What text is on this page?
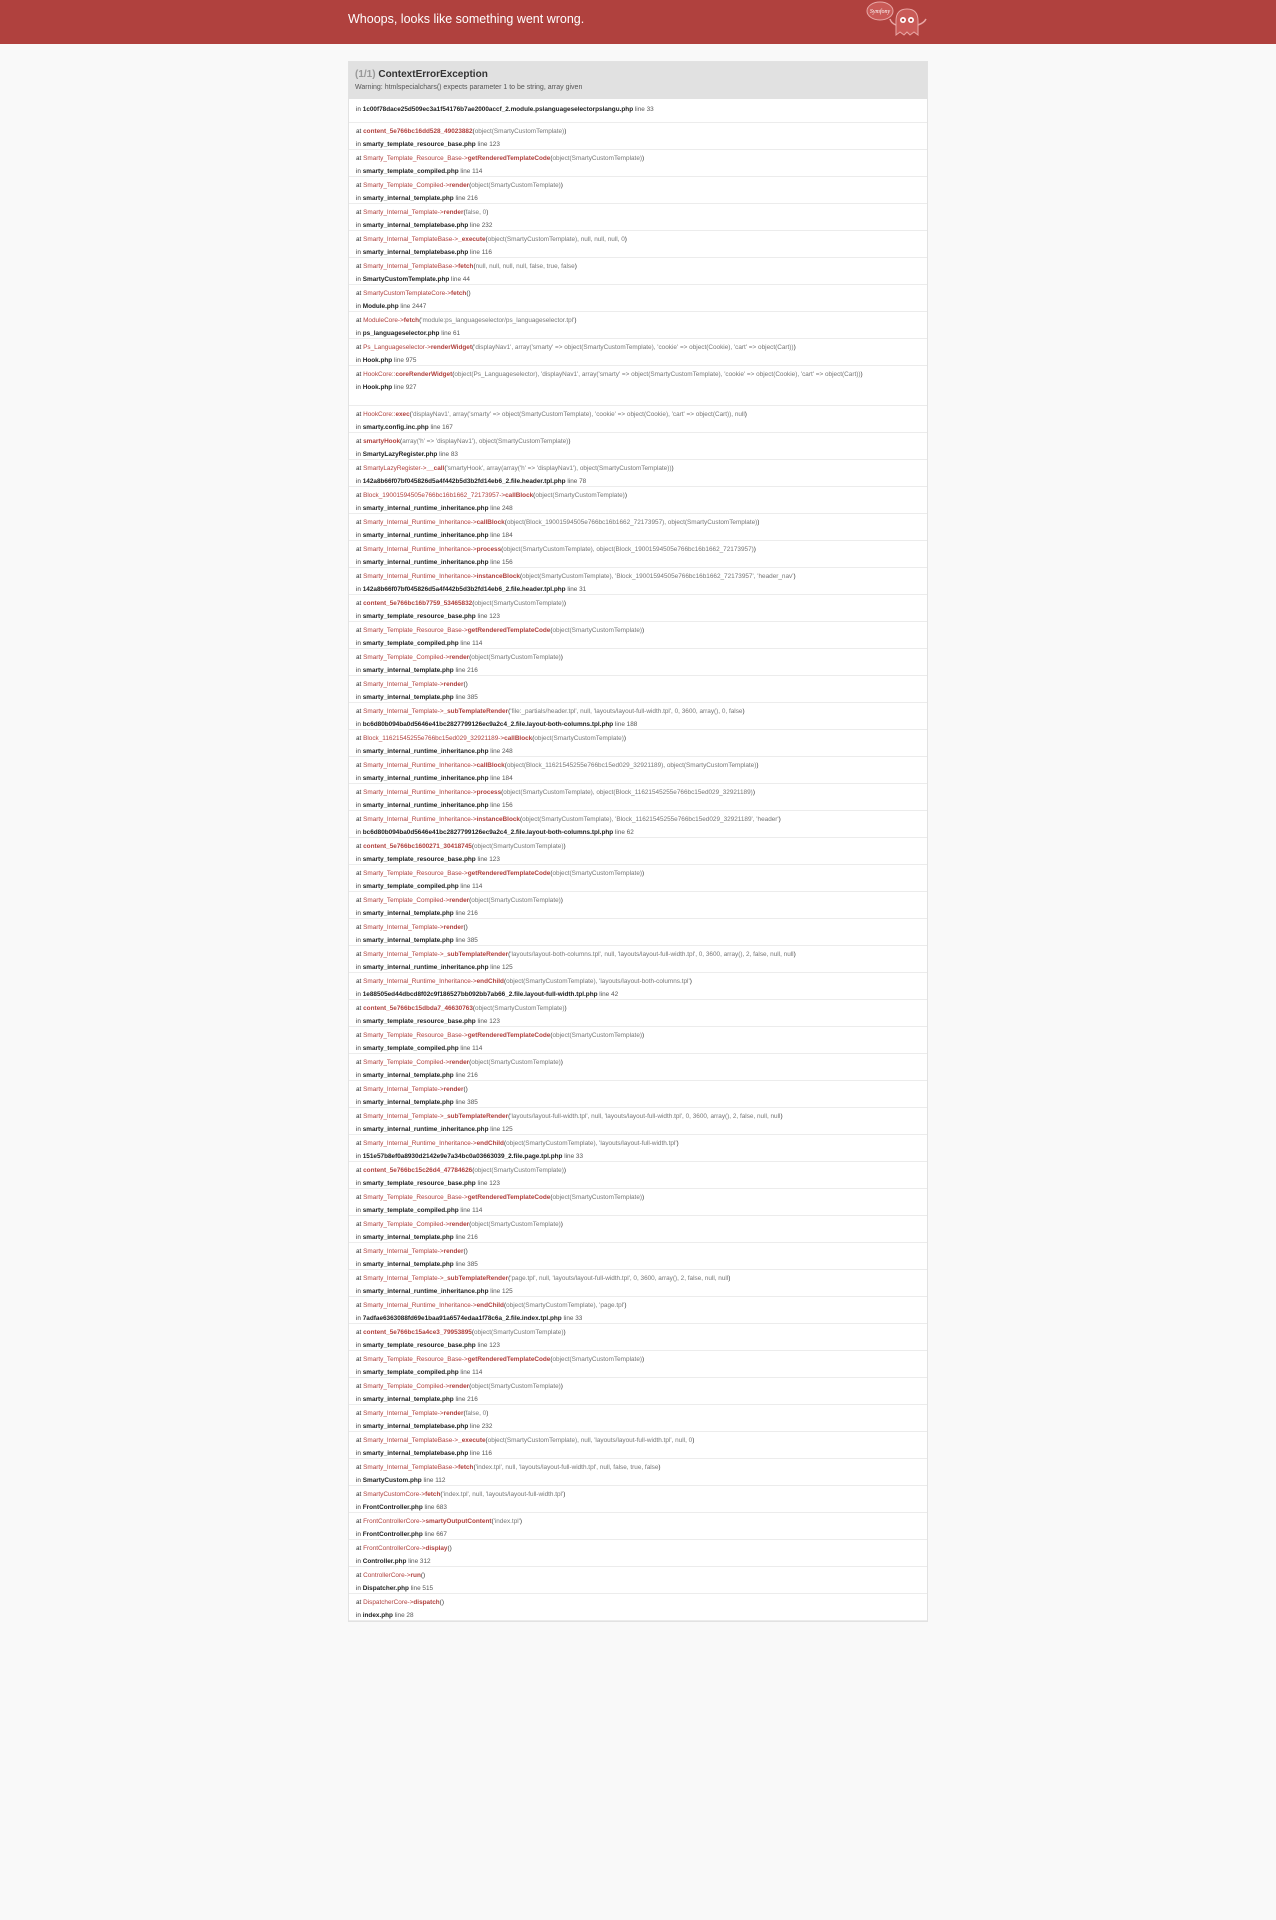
Whoops, looks like something went wrong.	Symfony
(1/1) ContextErrorException
Warning: htmlspecialchars() expects parameter 1 to be string, array given
in 1c00f78dace25d509ec3a1f54176b7ae2000accf_2.module.pslanguageselectorpslangu.php line 33
at content_5e766bc16dd528_49023882(object(SmartyCustomTemplate))
in smarty_template_resource_base.php line 123
at Smarty_Template_Resource_Base->getRenderedTemplateCode(object(SmartyCustomTemplate))
in smarty_template_compiled.php line 114
at Smarty_Template_Compiled->render(object(SmartyCustomTemplate))
in smarty_internal_template.php line 216
at Smarty_Internal_Template->render(false, 0)
in smarty_internal_templatebase.php line 232
at Smarty_Internal_TemplateBase->_execute(object(SmartyCustomTemplate), null, null, null, 0)
in smarty_internal_templatebase.php line 116
at Smarty_Internal_TemplateBase->fetch(null, null, null, null, false, true, false)
in SmartyCustomTemplate.php line 44
at SmartyCustomTemplateCore->fetch()
in Module.php line 2447
at ModuleCore->fetch('module:ps_languageselector/ps_languageselector.tpl')
in ps_languageselector.php line 61
at Ps_Languageselector->renderWidget('displayNav1', array('smarty' => object(SmartyCustomTemplate), 'cookie' => object(Cookie), 'cart' => object(Cart)))
in Hook.php line 975
at HookCore::coreRenderWidget(object(Ps_Languageselector), 'displayNav1', array('smarty' => object(SmartyCustomTemplate), 'cookie' => object(Cookie), 'cart' => object(Cart)))
in Hook.php line 927
at HookCore::exec('displayNav1', array('smarty' => object(SmartyCustomTemplate), 'cookie' => object(Cookie), 'cart' => object(Cart)), null)
in smarty.config.inc.php line 167
at smartyHook(array('h' => 'displayNav1'), object(SmartyCustomTemplate))
in SmartyLazyRegister.php line 83
at SmartyLazyRegister->__call('smartyHook', array(array('h' => 'displayNav1'), object(SmartyCustomTemplate)))
in 142a8b66f07bf045826d5a4f442b5d3b2fd14eb6_2.file.header.tpl.php line 78
at Block_19001594505e766bc16b1662_72173957->callBlock(object(SmartyCustomTemplate))
in smarty_internal_runtime_inheritance.php line 248
at Smarty_Internal_Runtime_Inheritance->callBlock(object(Block_19001594505e766bc16b1662_72173957), object(SmartyCustomTemplate))
in smarty_internal_runtime_inheritance.php line 184
at Smarty_Internal_Runtime_Inheritance->process(object(SmartyCustomTemplate), object(Block_19001594505e766bc16b1662_72173957))
in smarty_internal_runtime_inheritance.php line 156
at Smarty_Internal_Runtime_Inheritance->instanceBlock(object(SmartyCustomTemplate), 'Block_19001594505e766bc16b1662_72173957', 'header_nav')
in 142a8b66f07bf045826d5a4f442b5d3b2fd14eb6_2.file.header.tpl.php line 31
at content_5e766bc16b7759_53465832(object(SmartyCustomTemplate))
in smarty_template_resource_base.php line 123
at Smarty_Template_Resource_Base->getRenderedTemplateCode(object(SmartyCustomTemplate))
in smarty_template_compiled.php line 114
at Smarty_Template_Compiled->render(object(SmartyCustomTemplate))
in smarty_internal_template.php line 216
at Smarty_Internal_Template->render()
in smarty_internal_template.php line 385
at Smarty_Internal_Template->_subTemplateRender('file:_partials/header.tpl', null, 'layouts/layout-full-width.tpl', 0, 3600, array(), 0, false)
in bc6d80b094ba0d5646e41bc2827799126ec9a2c4_2.file.layout-both-columns.tpl.php line 188
at Block_11621545255e766bc15ed029_32921189->callBlock(object(SmartyCustomTemplate))
in smarty_internal_runtime_inheritance.php line 248
at Smarty_Internal_Runtime_Inheritance->callBlock(object(Block_11621545255e766bc15ed029_32921189), object(SmartyCustomTemplate))
in smarty_internal_runtime_inheritance.php line 184
at Smarty_Internal_Runtime_Inheritance->process(object(SmartyCustomTemplate), object(Block_11621545255e766bc15ed029_32921189))
in smarty_internal_runtime_inheritance.php line 156
at Smarty_Internal_Runtime_Inheritance->instanceBlock(object(SmartyCustomTemplate), 'Block_11621545255e766bc15ed029_32921189', 'header')
in bc6d80b094ba0d5646e41bc2827799126ec9a2c4_2.file.layout-both-columns.tpl.php line 62
at content_5e766bc1600271_30418745(object(SmartyCustomTemplate))
in smarty_template_resource_base.php line 123
at Smarty_Template_Resource_Base->getRenderedTemplateCode(object(SmartyCustomTemplate))
in smarty_template_compiled.php line 114
at Smarty_Template_Compiled->render(object(SmartyCustomTemplate))
in smarty_internal_template.php line 216
at Smarty_Internal_Template->render()
in smarty_internal_template.php line 385
at Smarty_Internal_Template->_subTemplateRender('layouts/layout-both-columns.tpl', null, 'layouts/layout-full-width.tpl', 0, 3600, array(), 2, false, null, null)
in smarty_internal_runtime_inheritance.php line 125
at Smarty_Internal_Runtime_Inheritance->endChild(object(SmartyCustomTemplate), 'layouts/layout-both-columns.tpl')
in 1e88505ed44dbcd8f02c9f186527bb092bb7ab66_2.file.layout-full-width.tpl.php line 42
at content_5e766bc15dbda7_46630763(object(SmartyCustomTemplate))
in smarty_template_resource_base.php line 123
at Smarty_Template_Resource_Base->getRenderedTemplateCode(object(SmartyCustomTemplate))
in smarty_template_compiled.php line 114
at Smarty_Template_Compiled->render(object(SmartyCustomTemplate))
in smarty_internal_template.php line 216
at Smarty_Internal_Template->render()
in smarty_internal_template.php line 385
at Smarty_Internal_Template->_subTemplateRender('layouts/layout-full-width.tpl', null, 'layouts/layout-full-width.tpl', 0, 3600, array(), 2, false, null, null)
in smarty_internal_runtime_inheritance.php line 125
at Smarty_Internal_Runtime_Inheritance->endChild(object(SmartyCustomTemplate), 'layouts/layout-full-width.tpl')
in 151e57b8ef0a8930d2142e9e7a34bc0a03663039_2.file.page.tpl.php line 33
at content_5e766bc15c26d4_47784626(object(SmartyCustomTemplate))
in smarty_template_resource_base.php line 123
at Smarty_Template_Resource_Base->getRenderedTemplateCode(object(SmartyCustomTemplate))
in smarty_template_compiled.php line 114
at Smarty_Template_Compiled->render(object(SmartyCustomTemplate))
in smarty_internal_template.php line 216
at Smarty_Internal_Template->render()
in smarty_internal_template.php line 385
at Smarty_Internal_Template->_subTemplateRender('page.tpl', null, 'layouts/layout-full-width.tpl', 0, 3600, array(), 2, false, null, null)
in smarty_internal_runtime_inheritance.php line 125
at Smarty_Internal_Runtime_Inheritance->endChild(object(SmartyCustomTemplate), 'page.tpl')
in 7adfae6363088fd69e1baa91a6574edaa1f78c6a_2.file.index.tpl.php line 33
at content_5e766bc15a4ce3_79953895(object(SmartyCustomTemplate))
in smarty_template_resource_base.php line 123
at Smarty_Template_Resource_Base->getRenderedTemplateCode(object(SmartyCustomTemplate))
in smarty_template_compiled.php line 114
at Smarty_Template_Compiled->render(object(SmartyCustomTemplate))
in smarty_internal_template.php line 216
at Smarty_Internal_Template->render(false, 0)
in smarty_internal_templatebase.php line 232
at Smarty_Internal_TemplateBase->_execute(object(SmartyCustomTemplate), null, 'layouts/layout-full-width.tpl', null, 0)
in smarty_internal_templatebase.php line 116
at Smarty_Internal_TemplateBase->fetch('index.tpl', null, 'layouts/layout-full-width.tpl', null, false, true, false)
in SmartyCustom.php line 112
at SmartyCustomCore->fetch('index.tpl', null, 'layouts/layout-full-width.tpl')
in FrontController.php line 683
at FrontControllerCore->smartyOutputContent('index.tpl')
in FrontController.php line 667
at FrontControllerCore->display()
in Controller.php line 312
at ControllerCore->run()
in Dispatcher.php line 515
at DispatcherCore->dispatch()
in index.php line 28
